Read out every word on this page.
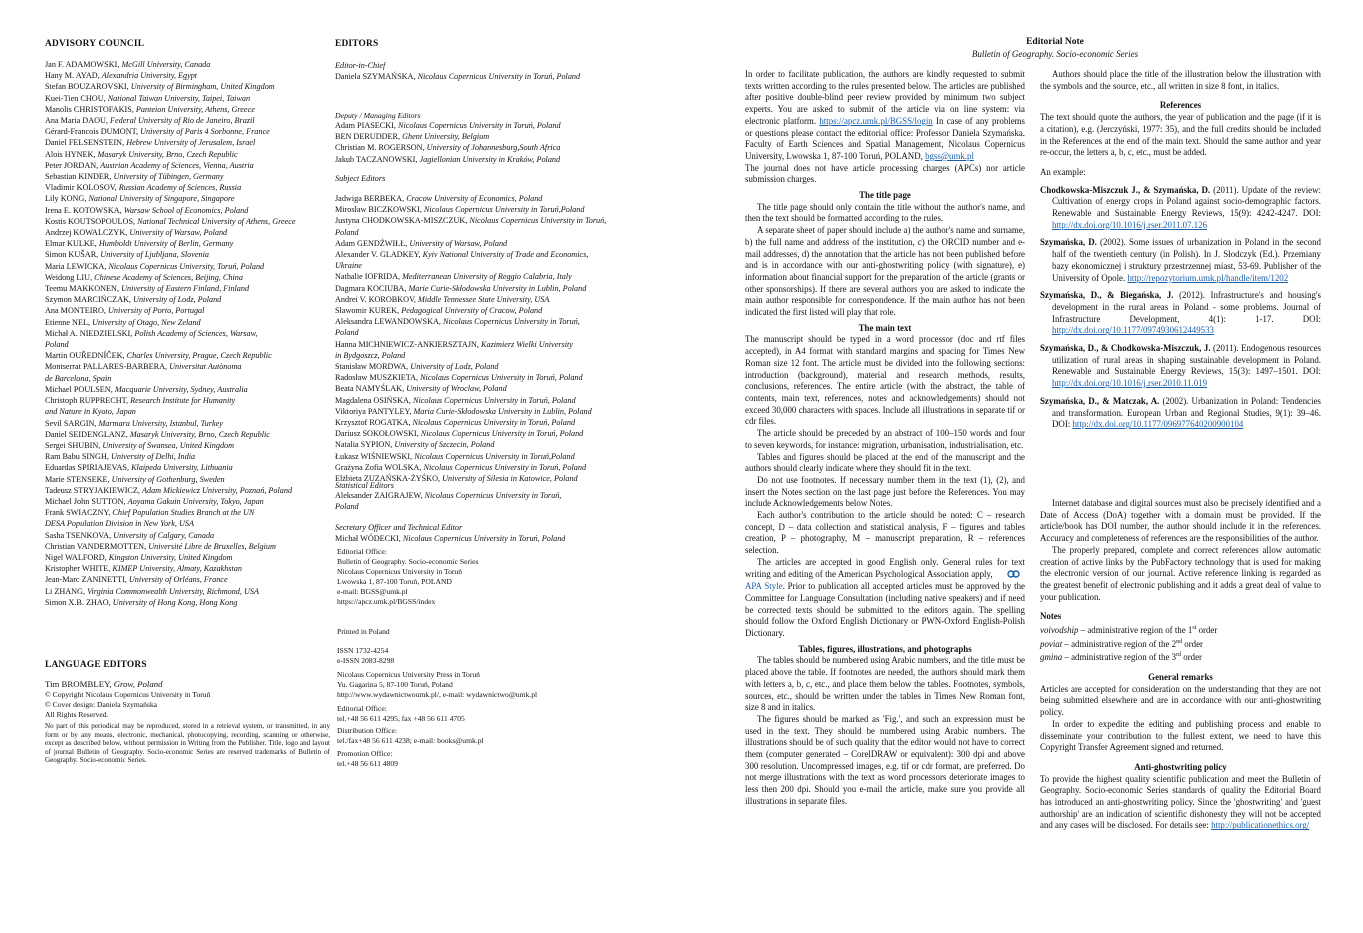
ADVISORY COUNCIL
Jan F. ADAMOWSKI, McGill University, Canada
Hany M. AYAD, Alexandria University, Egypt
Stefan BOUZAROVSKI, University of Birmingham, United Kingdom
Kuei-Tien CHOU, National Taiwan University, Taipei, Taiwan
Manolis CHRISTOFAKIS, Panteion University, Athens, Greece
Ana Maria DAOU, Federal University of Rio de Janeiro, Brazil
Gérard-Francois DUMONT, University of Paris 4 Sorbonne, France
Daniel FELSENSTEIN, Hebrew University of Jerusalem, Israel
Alois HYNEK, Masaryk University, Brno, Czech Republic
Peter JORDAN, Austrian Academy of Sciences, Vienna, Austria
Sebastian KINDER, University of Tübingen, Germany
Vladimir KOLOSOV, Russian Academy of Sciences, Russia
Lily KONG, National University of Singapore, Singapore
Irena E. KOTOWSKA, Warsaw School of Economics, Poland
Kostis KOUTSOPOULOS, National Technical University of Athens, Greece
Andrzej KOWALCZYK, University of Warsaw, Poland
Elmar KULKE, Humboldt University of Berlin, Germany
Simon KUŠAR, University of Ljubljana, Slovenia
Maria LEWICKA, Nicolaus Copernicus University, Toruń, Poland
Weidong LIU, Chinese Academy of Sciences, Beijing, China
Teemu MAKKONEN, University of Eastern Finland, Finland
Szymon MARCIŃCZAK, University of Lodz, Poland
Ana MONTEIRO, University of Porto, Portugal
Etienne NEL, University of Otago, New Zeland
Michał A. NIEDZIELSKI, Polish Academy of Sciences, Warsaw,
Poland
Martin OUŘEDNÍČEK, Charles University, Prague, Czech Republic
Montserrat PALLARES-BARBERA, Universitat Autònoma
de Barcelona, Spain
Michael POULSEN, Macquarie University, Sydney, Australia
Christoph RUPPRECHT, Research Institute for Humanity
and Nature in Kyoto, Japan
Sevil SARGIN, Marmara University, Istanbul, Turkey
Daniel SEIDENGLANZ, Masaryk University, Brno, Czech Republic
Sergei SHUBIN, University of Swansea, United Kingdom
Ram Babu SINGH, University of Delhi, India
Eduardas SPIRIAJEVAS, Klaipeda University, Lithuania
Marie STENSEKE, University of Gothenburg, Sweden
Tadeusz STRYJAKIEWICZ, Adam Mickiewicz University, Poznań, Poland
Michael John SUTTON, Aoyama Gakuin University, Tokyo, Japan
Frank SWIACZNY, Chief Population Studies Branch at the UN
DESA Population Division in New York, USA
Sasha TSENKOVA, University of Calgary, Canada
Christian VANDERMOTTEN, Université Libre de Bruxelles, Belgium
Nigel WALFORD, Kingston University, United Kingdom
Kristopher WHITE, KIMEP University, Almaty, Kazakhstan
Jean-Marc ZANINETTI, University of Orléans, France
Li ZHANG, Virginia Commonwealth University, Richmond, USA
Simon X.B. ZHAO, University of Hong Kong, Hong Kong
LANGUAGE EDITORS
Tim BROMBLEY, Grow, Poland
© Copyright Nicolaus Copernicus University in Toruń
© Cover design: Daniela Szymańska
All Rights Reserved.
No part of this periodical may be reproduced, stored in a retrieval system, or transmitted, in any form or by any means, electronic, mechanical, photocopying, recording, scanning or otherwise, except as described below, without permission in Writing from the Publisher. Title, logo and layout of journal Bulletin of Geography. Socio-economic Series are reserved trademarks of Bulletin of Geography. Socio-economic Series.
EDITORS
Editor-in-Chief
Daniela SZYMAŃSKA, Nicolaus Copernicus University in Toruń, Poland
Deputy / Managing Editors
Adam PIASECKI, Nicolaus Copernicus University in Toruń, Poland
BEN DERUDDER, Ghent University, Belgium
Christian M. ROGERSON, University of Johannesburg,South Africa
Jakub TACZANOWSKI, Jagiellonian University in Kraków, Poland
Subject Editors
Jadwiga BERBEKA, Cracow University of Economics, Poland
Mirosław BICZKOWSKI, Nicolaus Copernicus University in Toruń,Poland
Justyna CHODKOWSKA-MISZCZUK, Nicolaus Copernicus University in Toruń,
Poland
Adam GENDŹWIŁŁ, University of Warsaw, Poland
Alexander V. GLADKEY, Kyiv National University of Trade and Economics,
Ukraine
Nathalie IOFRIDA, Mediterranean University of Reggio Calabria, Italy
Dagmara KOCIUBA, Marie Curie-Skłodowska University in Lublin, Poland
Andrei V. KOROBKOV, Middle Tennessee State University, USA
Sławomir KUREK, Pedagogical University of Cracow, Poland
Aleksandra LEWANDOWSKA, Nicolaus Copernicus University in Toruń,
Poland
Hanna MICHNIEWICZ-ANKIERSZTAJN, Kazimierz Wielki University
in Bydgoszcz, Poland
Stanisław MORDWA, University of Lodz, Poland
Radosław MUSZKIETA, Nicolaus Copernicus University in Toruń, Poland
Beata NAMYŚLAK, University of Wroclaw, Poland
Magdalena OSIŃSKA, Nicolaus Copernicus University in Toruń, Poland
Viktoriya PANTYLEY, Maria Curie-Skłodowska University in Lublin, Poland
Krzysztof ROGATKA, Nicolaus Copernicus University in Toruń, Poland
Dariusz SOKOŁOWSKI, Nicolaus Copernicus University in Toruń, Poland
Natalia SYPION, University of Szczecin, Poland
Łukasz WIŚNIEWSKI, Nicolaus Copernicus University in Toruń,Poland
Grażyna Zofia WOLSKA, Nicolaus Copernicus University in Toruń, Poland
Elżbieta ZUZAŃSKA-ŻYŚKO, University of Silesia in Katowice, Poland
Statistical Editors
Aleksander ZAIGRAJEW, Nicolaus Copernicus University in Toruń,
Poland
Secretary Officer and Technical Editor
Michał WÓDECKI, Nicolaus Copernicus University in Toruń, Poland
Editorial Office:
Bulletin of Geography. Socio-economic Series
Nicolaus Copernicus University in Toruń
Lwowska 1, 87-100 Toruń, POLAND
e-mail: BGSS@umk.pl
https://apcz.umk.pl/BGSS/index
Printed in Poland
ISSN 1732-4254
e-ISSN 2083-8298
Nicolaus Copernicus University Press in Toruń
Yu. Gagarina 5, 87-100 Toruń, Poland
http://www.wydawnictwoumk.pl/, e-mail: wydawnictwo@umk.pl
Editorial Office:
tel.+48 56 611 4295, fax +48 56 611 4705
Distribution Office:
tel./fax+48 56 611 4238; e-mail: books@umk.pl
Promotion Office:
tel.+48 56 611 4809
Editorial Note
Bulletin of Geography. Socio-economic Series
In order to facilitate publication, the authors are kindly requested to submit texts written according to the rules presented below. The articles are published after positive double-blind peer review provided by minimum two subject experts. You are asked to submit of the article via on line system: via electronic platform. https://apcz.umk.pl/BGSS/login In case of any problems or questions please contact the editorial office: Professor Daniela Szymańska. Faculty of Earth Sciences and Spatial Management, Nicolaus Copernicus University, Lwowska 1, 87-100 Toruń, POLAND, bgss@umk.pl
The journal does not have article processing charges (APCs) nor article submission charges.
The title page
The title page should only contain the title without the author's name, and then the text should be formatted according to the rules.
A separate sheet of paper should include a) the author's name and surname, b) the full name and address of the institution, c) the ORCID number and e-mail addresses, d) the annotation that the article has not been published before and is in accordance with our anti-ghostwriting policy (with signature), e) information about financial support for the preparation of the article (grants or other sponsorships). If there are several authors you are asked to indicate the main author responsible for correspondence. If the main author has not been indicated the first listed will play that role.
The main text
The manuscript should be typed in a word processor (doc and rtf files accepted), in A4 format with standard margins and spacing for Times New Roman size 12 font. The article must be divided into the following sections: introduction (background), material and research methods, results, conclusions, references. The entire article (with the abstract, the table of contents, main text, references, notes and acknowledgements) should not exceed 30,000 characters with spaces. Include all illustrations in separate tif or cdr files.
The article should be preceded by an abstract of 100–150 words and four to seven keywords, for instance: migration, urbanisation, industrialisation, etc.
Tables and figures should be placed at the end of the manuscript and the authors should clearly indicate where they should fit in the text.
Do not use footnotes. If necessary number them in the text (1), (2), and insert the Notes section on the last page just before the References. You may include Acknowledgements below Notes.
Each author's contribution to the article should be noted: C – research concept, D – data collection and statistical analysis, F – figures and tables creation, P – photography, M – manuscript preparation, R – references selection.
The articles are accepted in good English only. General rules for text writing and editing of the American Psychological Association apply, APA Style. Prior to publication all accepted articles must be approved by the Committee for Language Consultation (including native speakers) and if need be corrected texts should be submitted to the editors again. The spelling should follow the Oxford English Dictionary or PWN-Oxford English-Polish Dictionary.
Tables, figures, illustrations, and photographs
The tables should be numbered using Arabic numbers, and the title must be placed above the table. If footnotes are needed, the authors should mark them with letters a, b, c, etc., and place them below the tables. Footnotes, symbols, sources, etc., should be written under the tables in Times New Roman font, size 8 and in italics.
The figures should be marked as 'Fig.', and such an expression must be used in the text. They should be numbered using Arabic numbers. The illustrations should be of such quality that the editor would not have to correct them (computer generated – CorelDRAW or equivalent): 300 dpi and above 300 resolution. Uncompressed images, e.g. tif or cdr format, are preferred. Do not merge illustrations with the text as word processors deteriorate images to less then 200 dpi. Should you e-mail the article, make sure you provide all illustrations in separate files.
Authors should place the title of the illustration below the illustration with the symbols and the source, etc., all written in size 8 font, in italics.
References
The text should quote the authors, the year of publication and the page (if it is a citation), e.g. (Jerczyński, 1977: 35), and the full credits should be included in the References at the end of the main text. Should the same author and year re-occur, the letters a, b, c, etc., must be added.
An example:
Chodkowska-Miszczuk J., & Szymańska, D. (2011). Update of the review: Cultivation of energy crops in Poland against socio-demographic factors. Renewable and Sustainable Energy Reviews, 15(9): 4242-4247. DOI: http://dx.doi.org/10.1016/j.rser.2011.07.126
Szymańska, D. (2002). Some issues of urbanization in Poland in the second half of the twentieth century (in Polish). In J. Słodczyk (Ed.). Przemiany bazy ekonomicznej i struktury przestrzennej miast, 53-69. Publisher of the University of Opole. http://repozytorium.umk.pl/handle/item/1202
Szymańska, D., & Biegańska, J. (2012). Infrastructure's and housing's development in the rural areas in Poland - some problems. Journal of Infrastructure Development, 4(1): 1-17. DOI: http://dx.doi.org/10.1177/0974930612449533
Szymańska, D., & Chodkowska-Miszczuk, J. (2011). Endogenous resources utilization of rural areas in shaping sustainable development in Poland. Renewable and Sustainable Energy Reviews, 15(3): 1497–1501. DOI: http://dx.doi.org/10.1016/j.rser.2010.11.019
Szymańska, D., & Matczak, A. (2002). Urbanization in Poland: Tendencies and transformation. European Urban and Regional Studies, 9(1): 39–46. DOI: http://dx.doi.org/10.1177/096977640200900104
Internet database and digital sources must also be precisely identified and a Date of Access (DoA) together with a domain must be provided. If the article/book has DOI number, the author should include it in the references. Accuracy and completeness of references are the responsibilities of the author.
The properly prepared, complete and correct references allow automatic creation of active links by the PubFactory technology that is used for making the electronic version of our journal. Active reference linking is regarded as the greatest benefit of electronic publishing and it adds a great deal of value to your publication.
Notes
voivodship – administrative region of the 1st order
poviat – administrative region of the 2nd order
gmina – administrative region of the 3rd order
General remarks
Articles are accepted for consideration on the understanding that they are not being submitted elsewhere and are in accordance with our anti-ghostwriting policy.
In order to expedite the editing and publishing process and enable to disseminate your contribution to the fullest extent, we need to have this Copyright Transfer Agreement signed and returned.
Anti-ghostwriting policy
To provide the highest quality scientific publication and meet the Bulletin of Geography. Socio-economic Series standards of quality the Editorial Board has introduced an anti-ghostwriting policy. Since the 'ghostwriting' and 'guest authorship' are an indication of scientific dishonesty they will not be accepted and any cases will be disclosed. For details see: http://publicationethics.org/
